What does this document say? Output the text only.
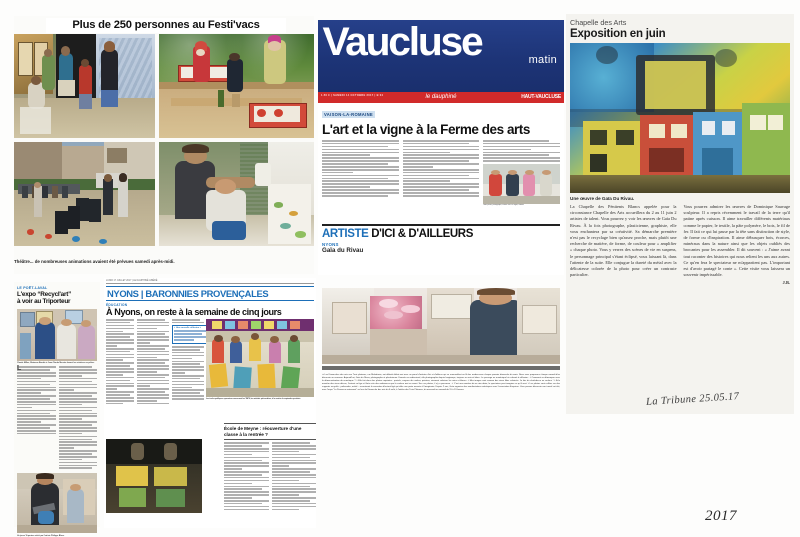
Plus de 250 personnes au Festi'vacs
Théâtre... de nombreuses animations avaient été prévues samedi après-midi.
Vaucluse	matin
1.50 € | SAMEDI 14 OCTOBRE 2017 | B 04	le dauphiné	HAUT-VAUCLUSE
VAISON-LA-ROMAINE
L'art et la vigne à la Ferme des arts
Notre photo, photographe, illustre l'art et la vigne, samedi
ARTISTE D'ICI & D'AILLEURS
NYONS
Gaïa du Rivau
➔ Les Dimanches des arts aux Trois platanes, rue Maladrerie, ont débuté début mai avec un panel d'artistes d'ici et d'ailleurs qui se renouvellent au fil des rendez-vous chaque premier dimanche du mois. Nous vous proposons chaque samedi d'en découvrir un nouveau. Aujourd'hui, Gaïa du Rivau, photographe et plasticienne. Formée en audiovisuel, elle photographie depuis longtemps, toujours en noir et blanc. Le passage au numérique lui a donné à réflexion : « Comment se démarquer avec la démocratisation du numérique ? » Elle fait alors des photos repeintes : pastels, crayons de couleur, peinture, viennent coloriser les noirs et blancs. « Mes images sont comme des vieux films colorisés. Je fais du clair/obscur en couleur ! » À la manière des vieux décors, l'instant se fige et Gaïa crée des ambiances que la couleur met en avant. Sur ces photos, il n'y a personne : « C'est une manière de ne rien dater, le spectateur peut imaginer ce qu'il veut. » Les photos sont collées sur des supports recyclés : palissades, métal... accentuant la sensation d'instant figé qui offre une porte ouverte à l'imaginaire. Depuis 2 ans, Gaïa organise des manifestations artistiques avec l'association Esquisse. Vous pouvez découvrir son travail cet été, avec l'expo "La Provence autrement" ou lors du Dimanche des arts du 6 août, à l'atelier des Trois Platanes, du mercredi au samedi de 15 à 19 heures.
Chapelle des Arts
Exposition en juin
Une œuvre de Gaïa Du Rivau.
La Chapelle des Pénitents Blancs appelée pour la circonstance Chapelle des Arts accueillera du 2 au 11 juin 2 artistes de talent. Vous pourrez y voir les œuvres de Gaïa Du Rivau. À la fois photographe, plasticienne, graphiste, elle vous enchantera par sa créativité. Sa démarche première n'est pas le recyclage bien qu'assez proche, mais plutôt une recherche de matière, de forme, de couleur pour « amplifier » chaque photo. Vous y verrez des scènes de vie en suspens, le personnage principal s'étant éclipsé, vous laissant là, dans l'attente de la suite. Elle conjugue la dureté du métal avec la délicatesse colorée de la photo pour créer un contraste particulier.
Vous pourrez admirer les œuvres de Dominique Sauvage sculpteur. Il a repris récemment le travail de la terre qu'il patine après cuisson. Il aime travailler différents matériaux comme le papier, le textile, la pâte polymère, le bois, le fil de fer. Il fait ce qui lui passe par la tête sans distinction de style, de forme ou d'inspiration. Il aime débusquer bois, écorces, minéraux dans la nature ainsi que les objets oubliés des brocantes pour les assembler. Il dit souvent : « J'aime avant tout raconter des histoires qui nous relient les uns aux autres. Ce qu'en fera le spectateur ne m'appartient pas. L'important est d'avoir partagé le conte ». Cette visite vous laissera un souvenir impérissable.
J.B.
La Tribune 25.05.17
2017
LE POËT-LAVAL
L'expo “Recycl'art”
à voir au Triporteur
Claude Millox, Marianne Bardet et Jean-Claude Mercier devant les créations recyclées.
Un jeune Triporteur visité par l'artiste Philippe Blanc.
LUNDI 17 JUILLET 2017 | LE DAUPHINÉ LIBÉRÉ
NYONS | BARONNIES PROVENÇALES
ÉDUCATION
À Nyons, on reste à la semaine de cinq jours
« Une nouvelle réflexion »
Les écoles publiques nyonsaises conservent les TAPS, les activités périscolaires, à la rentrée de septembre prochain.
École de Meyne : réouverture d'une classe à la rentrée ?
